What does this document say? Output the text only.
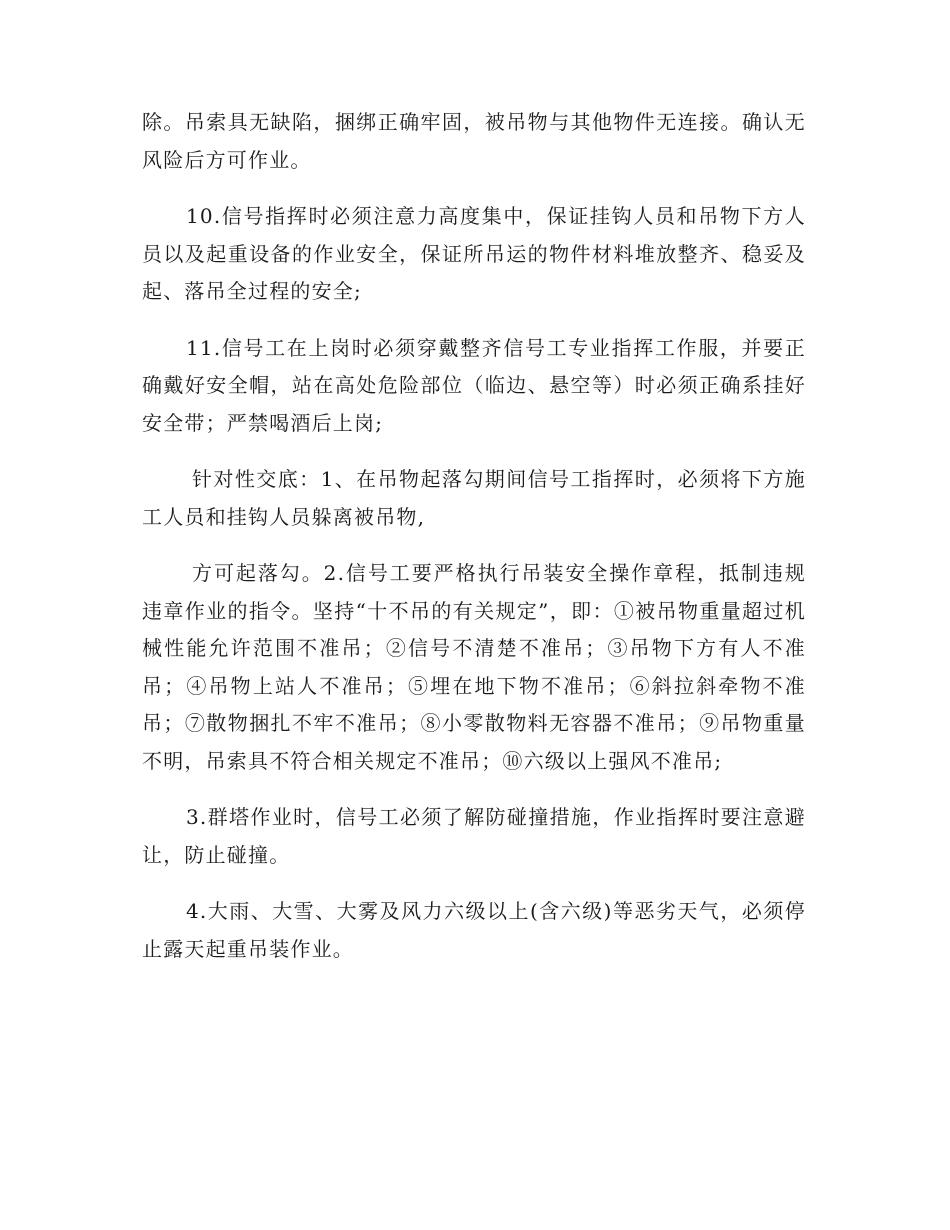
除。吊索具无缺陷，捆绑正确牢固，被吊物与其他物件无连接。确认无风险后方可作业。

10.信号指挥时必须注意力高度集中，保证挂钩人员和吊物下方人员以及起重设备的作业安全，保证所吊运的物件材料堆放整齐、稳妥及起、落吊全过程的安全;

11.信号工在上岗时必须穿戴整齐信号工专业指挥工作服，并要正确戴好安全帽，站在高处危险部位（临边、悬空等）时必须正确系挂好安全带；严禁喝酒后上岗;

针对性交底：1、在吊物起落勾期间信号工指挥时，必须将下方施工人员和挂钩人员躲离被吊物,

方可起落勾。2.信号工要严格执行吊装安全操作章程，抵制违规违章作业的指令。坚持“十不吊的有关规定”，即：①被吊物重量超过机械性能允许范围不准吊；②信号不清楚不准吊；③吊物下方有人不准吊；④吊物上站人不准吊；⑤埋在地下物不准吊；⑥斜拉斜牵物不准吊；⑦散物捆扎不牢不准吊；⑧小零散物料无容器不准吊；⑨吊物重量不明，吊索具不符合相关规定不准吊；⑩六级以上强风不准吊;

3.群塔作业时，信号工必须了解防碰撞措施，作业指挥时要注意避让，防止碰撞。

4.大雨、大雪、大雾及风力六级以上(含六级)等恶劣天气，必须停止露天起重吊装作业。
